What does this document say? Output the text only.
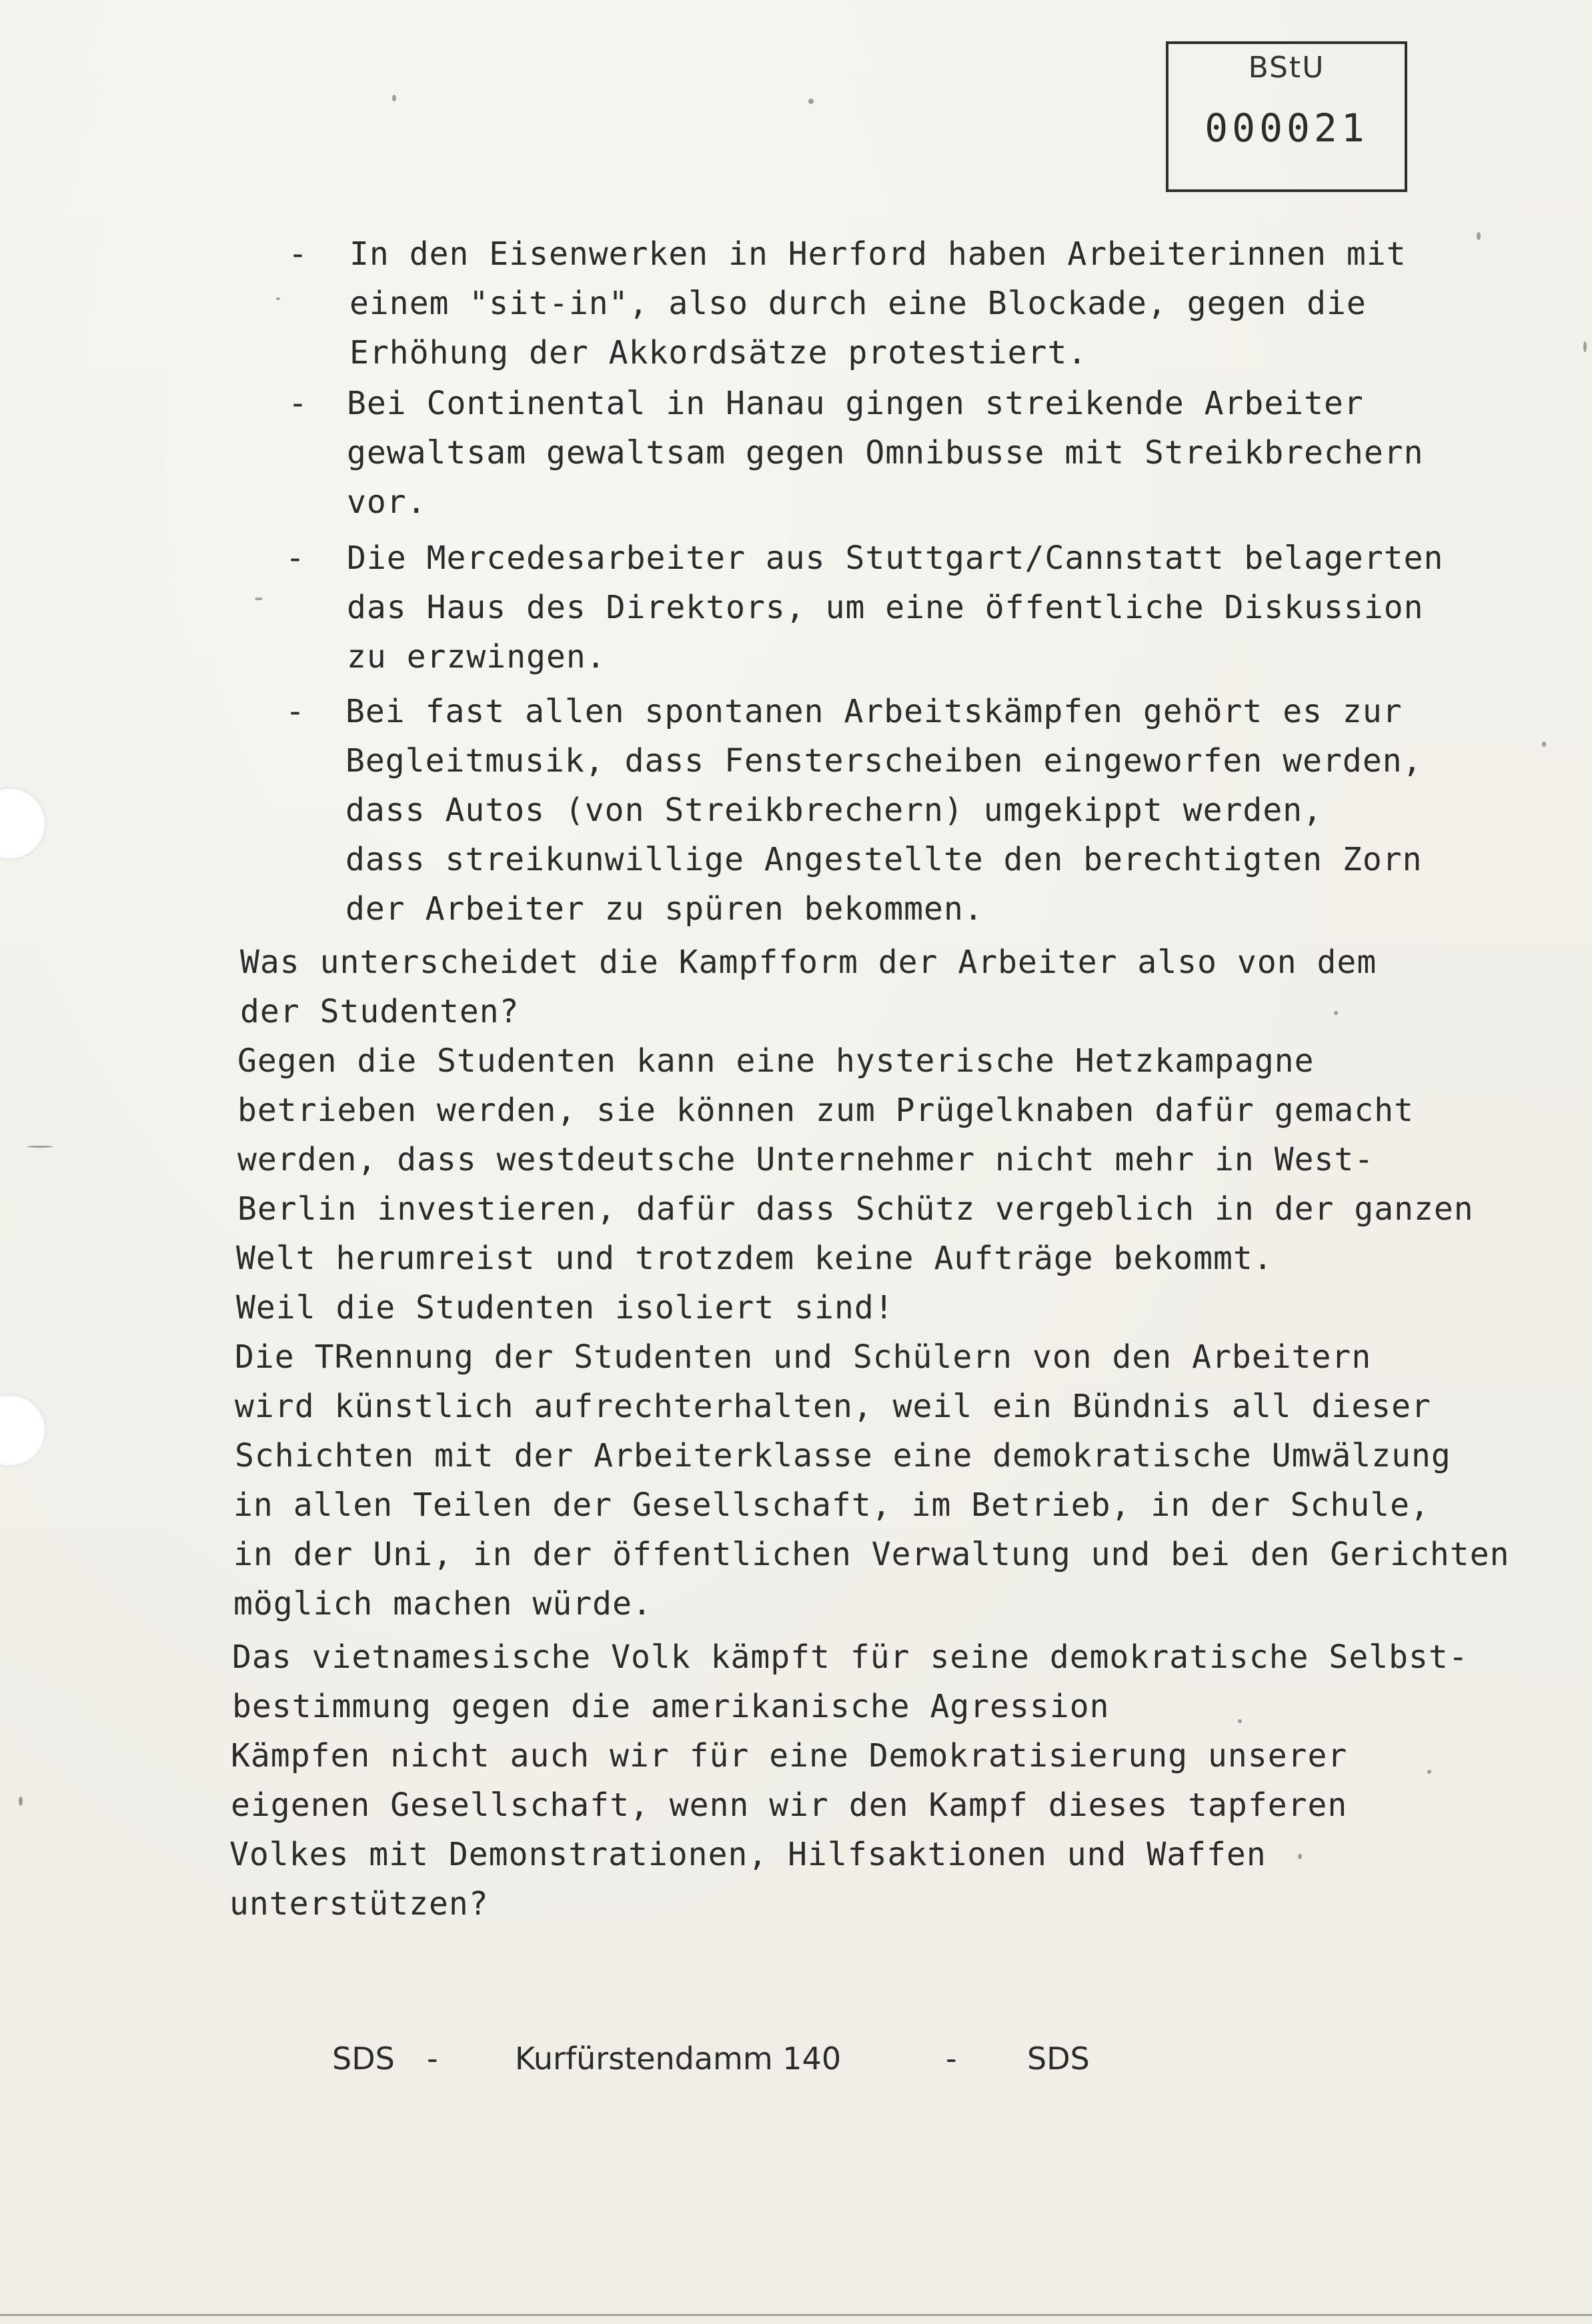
BStU
000021
- In den Eisenwerken in Herford haben Arbeiterinnen mit
einem "sit-in", also durch eine Blockade, gegen die
Erhöhung der Akkordsätze protestiert.
- Bei Continental in Hanau gingen streikende Arbeiter
gewaltsam gewaltsam gegen Omnibusse mit Streikbrechern
vor.
- Die Mercedesarbeiter aus Stuttgart/Cannstatt belagerten
das Haus des Direktors, um eine öffentliche Diskussion
zu erzwingen.
- Bei fast allen spontanen Arbeitskämpfen gehört es zur
Begleitmusik, dass Fensterscheiben eingeworfen werden,
dass Autos (von Streikbrechern) umgekippt werden,
dass streikunwillige Angestellte den berechtigten Zorn
der Arbeiter zu spüren bekommen.
Was unterscheidet die Kampfform der Arbeiter also von dem
der Studenten?
Gegen die Studenten kann eine hysterische Hetzkampagne
betrieben werden, sie können zum Prügelknaben dafür gemacht
werden, dass westdeutsche Unternehmer nicht mehr in West-
Berlin investieren, dafür dass Schütz vergeblich in der ganzen
Welt herumreist und trotzdem keine Aufträge bekommt.
Weil die Studenten isoliert sind!
Die TRennung der Studenten und Schülern von den Arbeitern
wird künstlich aufrechterhalten, weil ein Bündnis all dieser
Schichten mit der Arbeiterklasse eine demokratische Umwälzung
in allen Teilen der Gesellschaft, im Betrieb, in der Schule,
in der Uni, in der öffentlichen Verwaltung und bei den Gerichten
möglich machen würde.
Das vietnamesische Volk kämpft für seine demokratische Selbst-
bestimmung gegen die amerikanische Agression
Kämpfen nicht auch wir für eine Demokratisierung unserer
eigenen Gesellschaft, wenn wir den Kampf dieses tapferen
Volkes mit Demonstrationen, Hilfsaktionen und Waffen
unterstützen?
SDS -	Kurfürstendamm 140	- SDS
